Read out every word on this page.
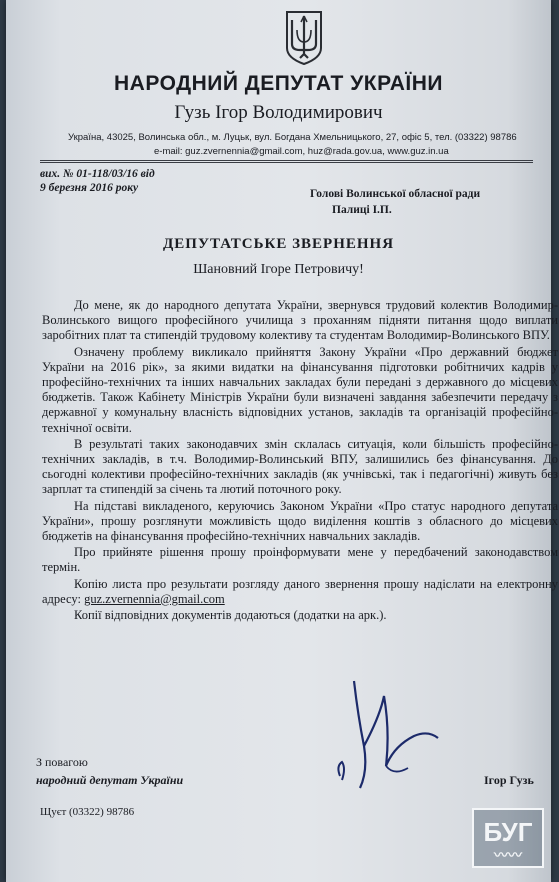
НАРОДНИЙ ДЕПУТАТ УКРАЇНИ
Гузь Ігор Володимирович
Україна, 43025, Волинська обл., м. Луцьк, вул. Богдана Хмельницького, 27, офіс 5, тел. (03322) 98786
e-mail: guz.zvernennia@gmail.com, huz@rada.gov.ua, www.guz.in.ua
вих. № 01-118/03/16 від
9 березня 2016 року	Голові Волинської обласної ради
Палиці І.П.
ДЕПУТАТСЬКЕ ЗВЕРНЕННЯ
Шановний Ігоре Петровичу!

До мене, як до народного депутата України, звернувся трудовий колектив Володимир-Волинського вищого професійного училища з проханням підняти питання щодо виплати заробітних плат та стипендій трудовому колективу та студентам Володимир-Волинського ВПУ.

Означену проблему викликало прийняття Закону України «Про державний бюджет України на 2016 рік», за якими видатки на фінансування підготовки робітничих кадрів у професійно-технічних та інших навчальних закладах були передані з державного до місцевих бюджетів. Також Кабінету Міністрів України були визначені завдання забезпечити передачу з державної у комунальну власність відповідних установ, закладів та організацій професійно-технічної освіти.

В результаті таких законодавчих змін склалась ситуація, коли більшість професійно-технічних закладів, в т.ч. Володимир-Волинський ВПУ, залишились без фінансування. До сьогодні колективи професійно-технічних закладів (як учнівські, так і педагогічні) живуть без зарплат та стипендій за січень та лютий поточного року.

На підставі викладеного, керуючись Законом України «Про статус народного депутата України», прошу розглянути можливість щодо виділення коштів з обласного до місцевих бюджетів на фінансування професійно-технічних навчальних закладів.

Про прийняте рішення прошу проінформувати мене у передбачений законодавством термін.

Копію листа про результати розгляду даного звернення прошу надіслати на електронну адресу: guz.zvernennia@gmail.com

Копії відповідних документів додаються (додатки на арк.).

З повагою
народний депутат України	Ігор Гузь
Щуєт (03322) 98786
БУГ
〰〰
